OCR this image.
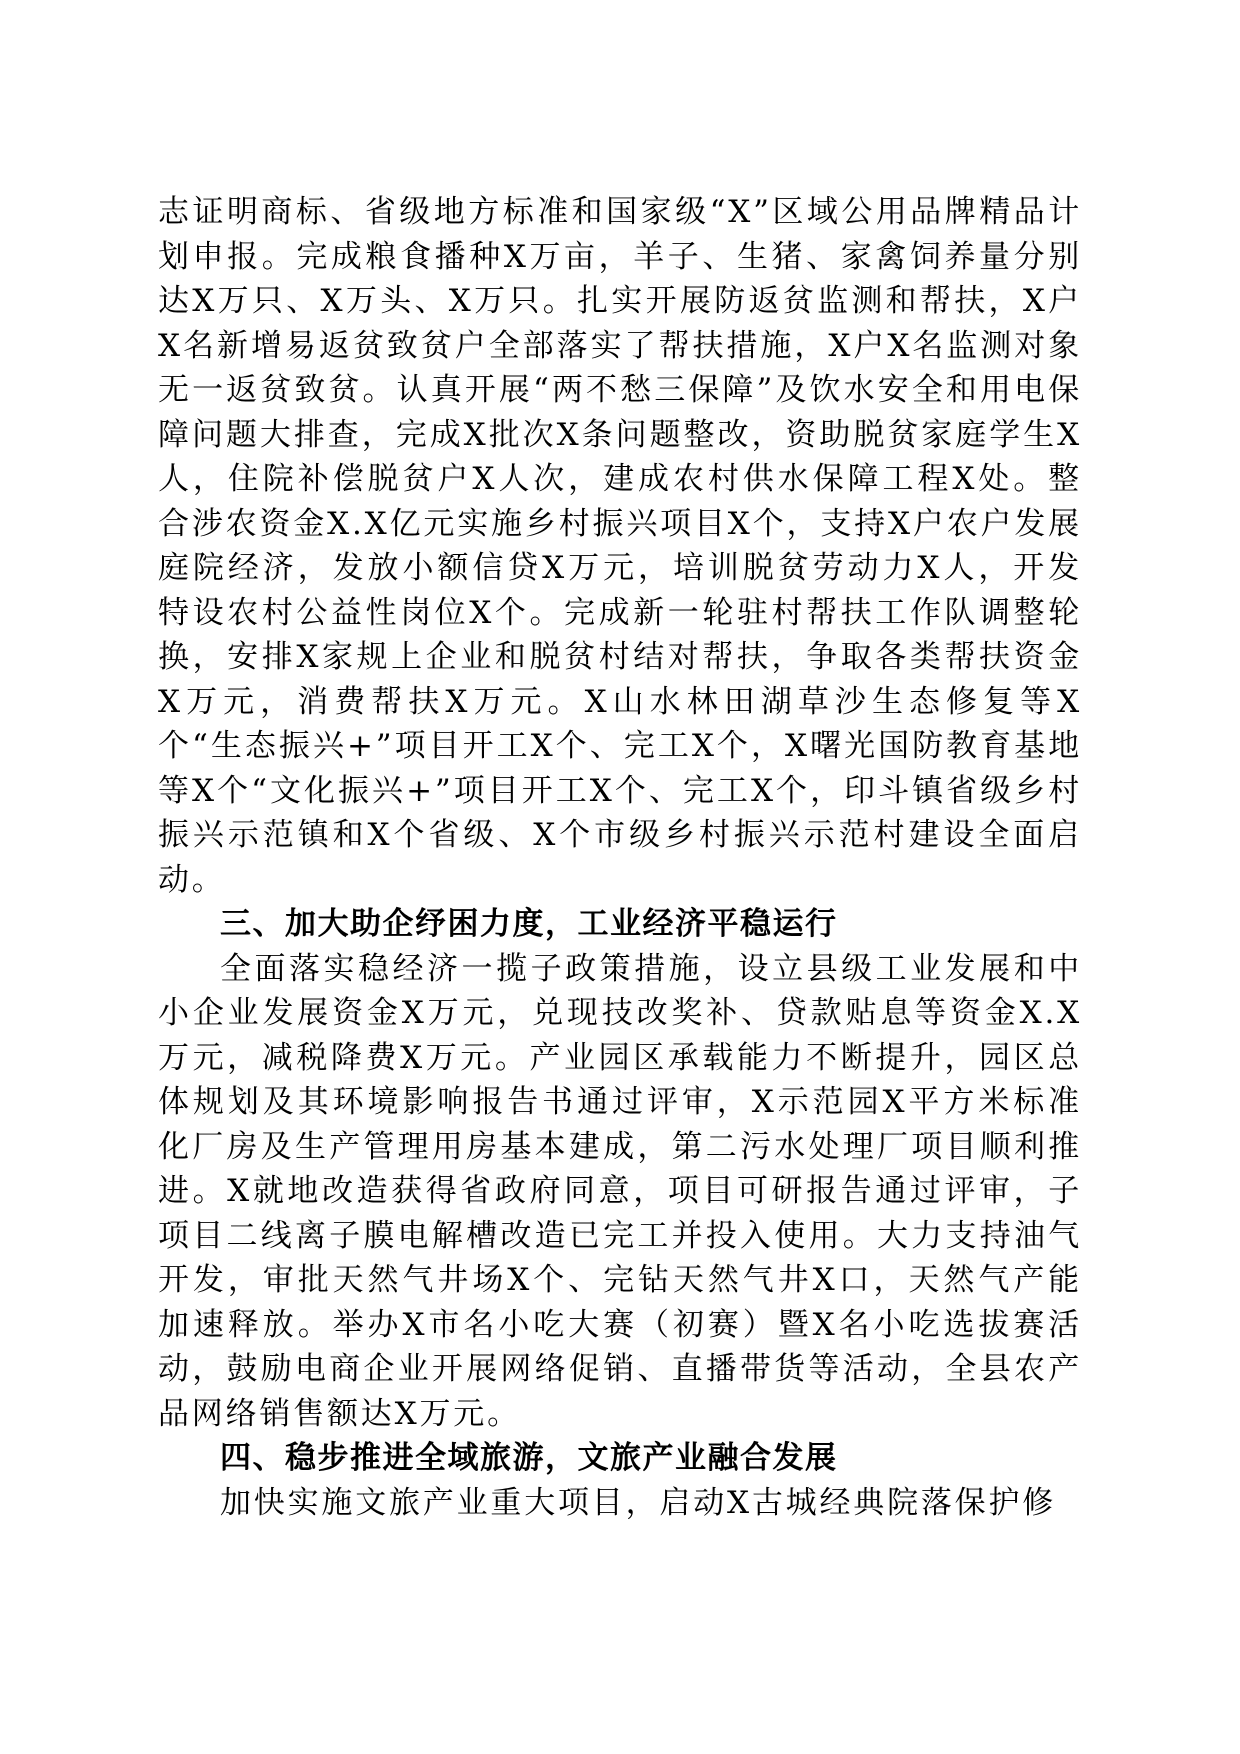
志证明商标、省级地方标准和国家级“X”区域公用品牌精品计划申报。完成粮食播种X万亩，羊子、生猪、家禽饲养量分别达X万只、X万头、X万只。扎实开展防返贫监测和帮扶，X户X名新增易返贫致贫户全部落实了帮扶措施，X户X名监测对象无一返贫致贫。认真开展“两不愁三保障”及饮水安全和用电保障问题大排查，完成X批次X条问题整改，资助脱贫家庭学生X人，住院补偿脱贫户X人次，建成农村供水保障工程X处。整合涉农资金X.X亿元实施乡村振兴项目X个，支持X户农户发展庭院经济，发放小额信贷X万元，培训脱贫劳动力X人，开发特设农村公益性岗位X个。完成新一轮驻村帮扶工作队调整轮换，安排X家规上企业和脱贫村结对帮扶，争取各类帮扶资金X万元，消费帮扶X万元。X山水林田湖草沙生态修复等X个“生态振兴+”项目开工X个、完工X个，X曙光国防教育基地等X个“文化振兴+”项目开工X个、完工X个，印斗镇省级乡村振兴示范镇和X个省级、X个市级乡村振兴示范村建设全面启动。

三、加大助企纾困力度，工业经济平稳运行

全面落实稳经济一揽子政策措施，设立县级工业发展和中小企业发展资金X万元，兑现技改奖补、贷款贴息等资金X.X万元，减税降费X万元。产业园区承载能力不断提升，园区总体规划及其环境影响报告书通过评审，X示范园X平方米标准化厂房及生产管理用房基本建成，第二污水处理厂项目顺利推进。X就地改造获得省政府同意，项目可研报告通过评审，子项目二线离子膜电解槽改造已完工并投入使用。大力支持油气开发，审批天然气井场X个、完钻天然气井X口，天然气产能加速释放。举办X市名小吃大赛（初赛）暨X名小吃选拔赛活动，鼓励电商企业开展网络促销、直播带货等活动，全县农产品网络销售额达X万元。

四、稳步推进全域旅游，文旅产业融合发展

加快实施文旅产业重大项目，启动X古城经典院落保护修
